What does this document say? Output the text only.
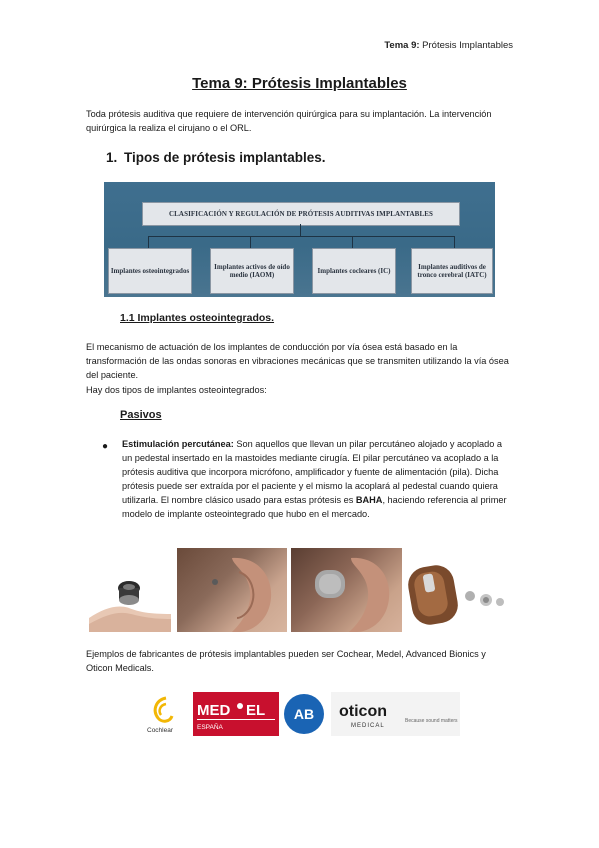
Tema 9: Prótesis Implantables
Tema 9: Prótesis Implantables
Toda prótesis auditiva que requiere de intervención quirúrgica para su implantación. La intervención quirúrgica la realiza el cirujano o el ORL.
1. Tipos de prótesis implantables.
CLASIFICACIÓN Y REGULACIÓN DE PRÓTESIS AUDITIVAS IMPLANTABLES
Implantes osteointegrados
Implantes activos de oído medio (IAOM)
Implantes cocleares (IC)
Implantes auditivos de tronco cerebral (IATC)
1.1 Implantes osteointegrados.
El mecanismo de actuación de los implantes de conducción por vía ósea está basado en la transformación de las ondas sonoras en vibraciones mecánicas que se transmiten utilizando la vía ósea del paciente.
Hay dos tipos de implantes osteointegrados:
Pasivos
● Estimulación percutánea: Son aquellos que llevan un pilar percutáneo alojado y acoplado a un pedestal insertado en la mastoides mediante cirugía. El pilar percutáneo va acoplado a la prótesis auditiva que incorpora micrófono, amplificador y fuente de alimentación (pila). Dicha prótesis puede ser extraída por el paciente y el mismo la acoplará al pedestal cuando quiera utilizarla. El nombre clásico usado para estas prótesis es BAHA, haciendo referencia al primer modelo de implante osteointegrado que hubo en el mercado.
Ejemplos de fabricantes de prótesis implantables pueden ser Cochear, Medel, Advanced Bionics y Oticon Medicals.
Cochlear
MED EL
ESPAÑA
AB oticon
MEDICAL
Because sound matters
